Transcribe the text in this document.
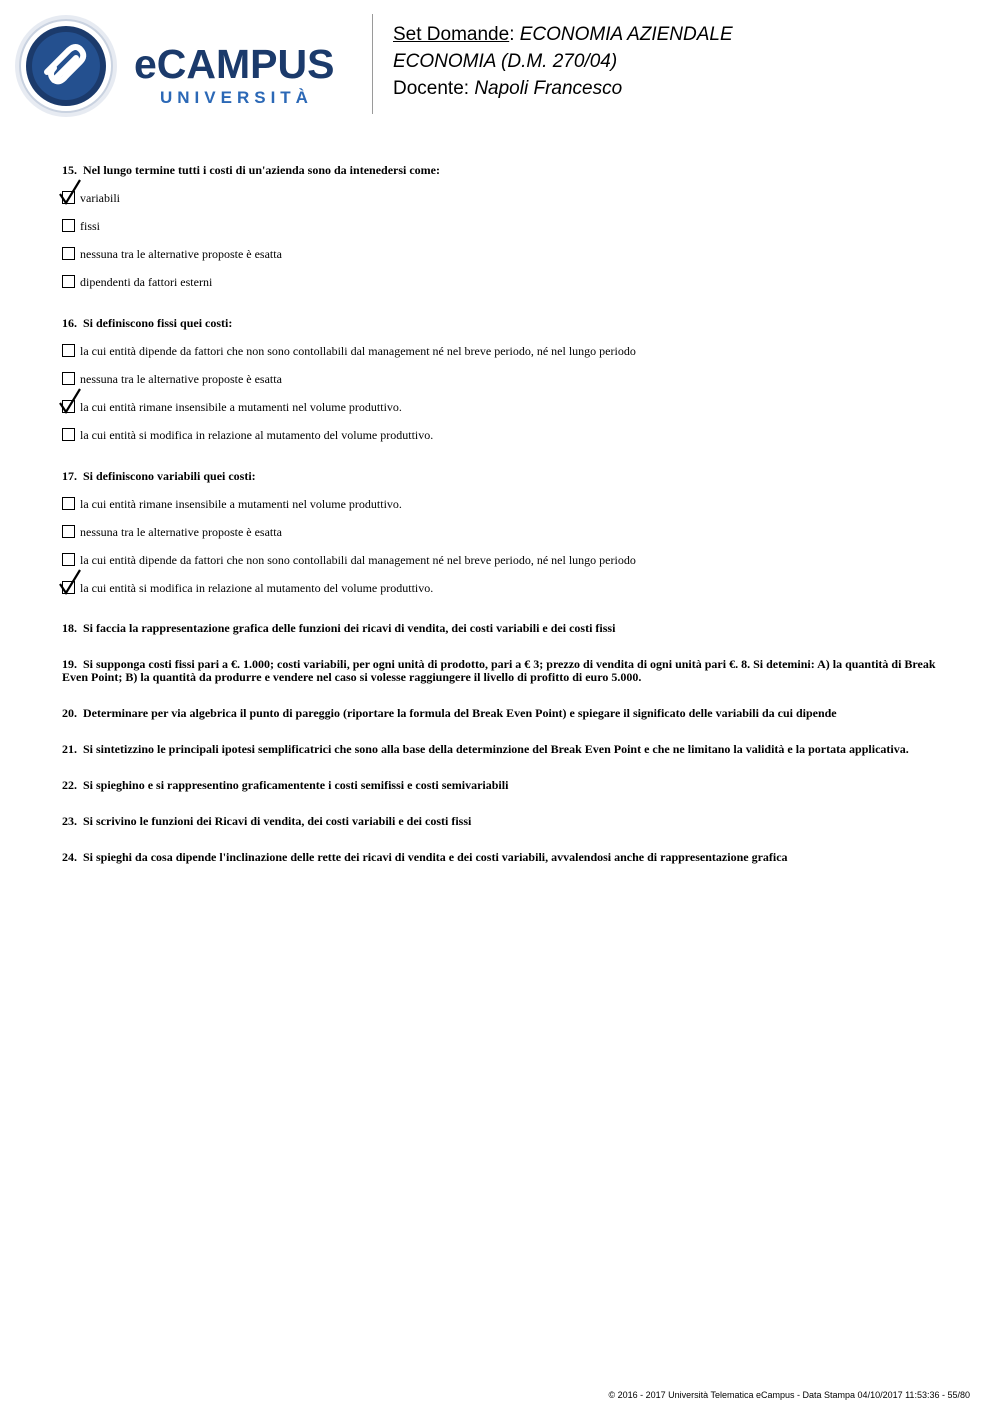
eCAMPUS
UNIVERSITÀ
Set Domande: ECONOMIA AZIENDALE
ECONOMIA (D.M. 270/04)
Docente: Napoli Francesco
15. Nel lungo termine tutti i costi di un'azienda sono da intenedersi come:
variabili
fissi
nessuna tra le alternative proposte è esatta
dipendenti da fattori esterni
16. Si definiscono fissi quei costi:
la cui entità dipende da fattori che non sono contollabili dal management né nel breve periodo, né nel lungo periodo
nessuna tra le alternative proposte è esatta
la cui entità rimane insensibile a mutamenti nel volume produttivo.
la cui entità si modifica in relazione al mutamento del volume produttivo.
17. Si definiscono variabili quei costi:
la cui entità rimane insensibile a mutamenti nel volume produttivo.
nessuna tra le alternative proposte è esatta
la cui entità dipende da fattori che non sono contollabili dal management né nel breve periodo, né nel lungo periodo
la cui entità si modifica in relazione al mutamento del volume produttivo.
18. Si faccia la rappresentazione grafica delle funzioni dei ricavi di vendita, dei costi variabili e dei costi fissi
19. Si supponga costi fissi pari a €. 1.000; costi variabili, per ogni unità di prodotto, pari a € 3; prezzo di vendita di ogni unità pari €. 8. Si detemini: A) la quantità di Break Even Point; B) la quantità da produrre e vendere nel caso si volesse raggiungere il livello di profitto di euro 5.000.
20. Determinare per via algebrica il punto di pareggio (riportare la formula del Break Even Point) e spiegare il significato delle variabili da cui dipende
21. Si sintetizzino le principali ipotesi semplificatrici che sono alla base della determinzione del Break Even Point e che ne limitano la validità e la portata applicativa.
22. Si spieghino e si rappresentino graficamentente i costi semifissi e costi semivariabili
23. Si scrivino le funzioni dei Ricavi di vendita, dei costi variabili e dei costi fissi
24. Si spieghi da cosa dipende l'inclinazione delle rette dei ricavi di vendita e dei costi variabili, avvalendosi anche di rappresentazione grafica
© 2016 - 2017 Università Telematica eCampus - Data Stampa 04/10/2017 11:53:36 - 55/80
